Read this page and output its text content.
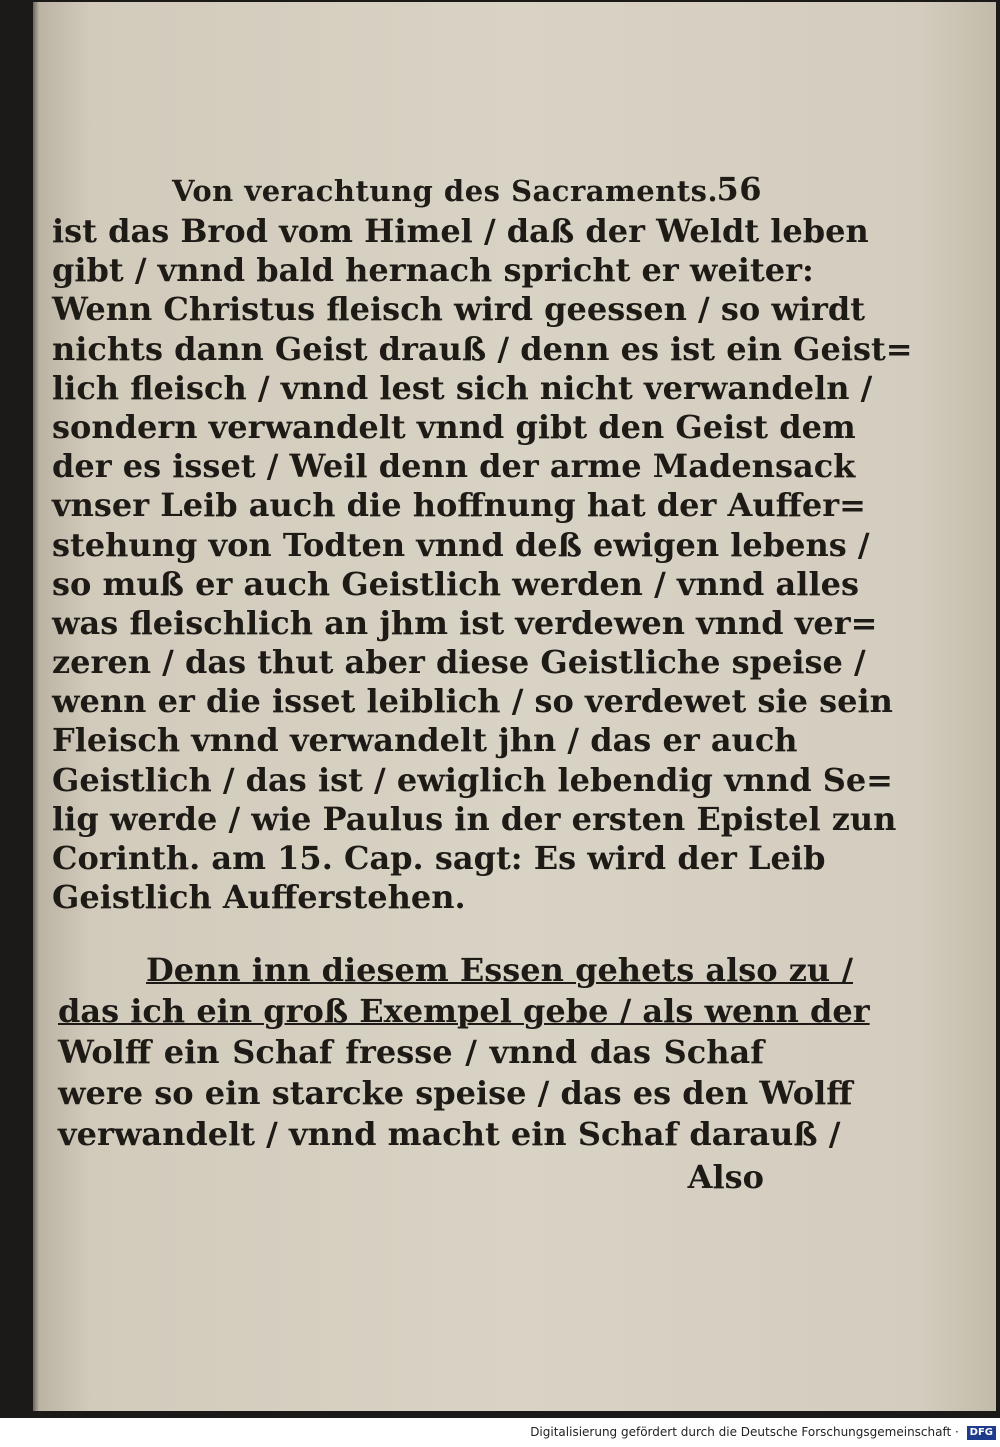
Von verachtung des Sacraments.
56
ist das Brod vom Himel / daß der Weldt leben
gibt / vnnd bald hernach spricht er weiter:
Wenn Christus fleisch wird geessen / so wirdt
nichts dann Geist drauß / denn es ist ein Geist=
lich fleisch / vnnd lest sich nicht verwandeln /
sondern verwandelt vnnd gibt den Geist dem
der es isset / Weil denn der arme Madensack
vnser Leib auch die hoffnung hat der Auffer=
stehung von Todten vnnd deß ewigen lebens /
so muß er auch Geistlich werden / vnnd alles
was fleischlich an jhm ist verdewen vnnd ver=
zeren / das thut aber diese Geistliche speise /
wenn er die isset leiblich / so verdewet sie sein
Fleisch vnnd verwandelt jhn / das er auch
Geistlich / das ist / ewiglich lebendig vnnd Se=
lig werde / wie Paulus in der ersten Epistel zun
Corinth. am 15. Cap. sagt: Es wird der Leib
Geistlich Aufferstehen.
Denn inn diesem Essen gehets also zu /
das ich ein groß Exempel gebe / als wenn der
Wolff ein Schaf fresse / vnnd das Schaf
were so ein starcke speise / das es den Wolff
verwandelt / vnnd macht ein Schaf darauß /
Also
Digitalisierung gefördert durch die Deutsche Forschungsgemeinschaft · DFG
